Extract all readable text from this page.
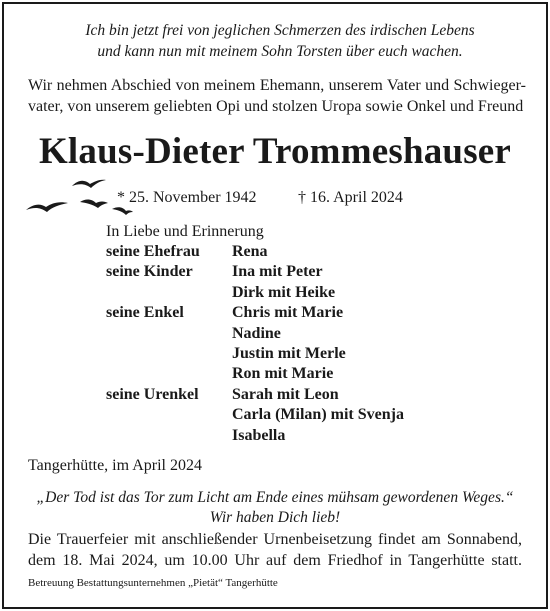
Ich bin jetzt frei von jeglichen Schmerzen des irdischen Lebens
und kann nun mit meinem Sohn Torsten über euch wachen.
Wir nehmen Abschied von meinem Ehemann, unserem Vater und Schwieger-
vater, von unserem geliebten Opi und stolzen Uropa sowie Onkel und Freund
Klaus-Dieter Trommeshauser
* 25. November 1942	† 16. April 2024
In Liebe und Erinnerung
seine Ehefrau Rena
seine Kinder Ina mit Peter
Dirk mit Heike
seine Enkel	Chris mit Marie
Nadine
Justin mit Merle
Ron mit Marie
seine Urenkel Sarah mit Leon
Carla (Milan) mit Svenja
Isabella
Tangerhütte, im April 2024
„Der Tod ist das Tor zum Licht am Ende eines mühsam gewordenen Weges.“
Wir haben Dich lieb!
Die Trauerfeier mit anschließender Urnenbeisetzung findet am Sonnabend,
dem 18. Mai 2024, um 10.00 Uhr auf dem Friedhof in Tangerhütte statt.
Betreuung Bestattungsunternehmen „Pietät“ Tangerhütte
